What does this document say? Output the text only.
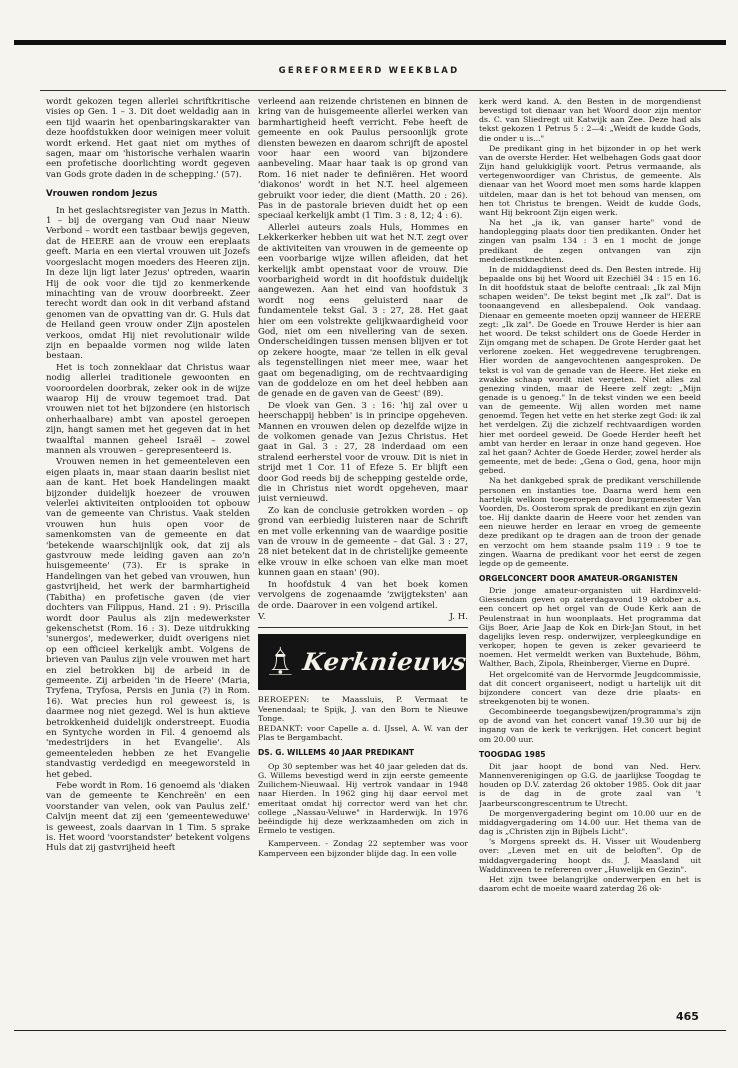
GEREFORMEERD WEEKBLAD

wordt gekozen tegen allerlei schriftkritische visies op Gen. 1 – 3. Dit doet weldadig aan in een tijd waarin het openbaringskarakter van deze hoofdstukken door weinigen meer voluit wordt erkend. Het gaat niet om mythes of sagen, maar om 'historische verhalen waarin een profetische doorlichting wordt gegeven van Gods grote daden in de schepping.' (57).

Vrouwen rondom Jezus

In het geslachtsregister van Jezus in Matth. 1 – bij de overgang van Oud naar Nieuw Verbond – wordt een tastbaar bewijs gegeven, dat de HEERE aan de vrouw een ereplaats geeft. Maria en een viertal vrouwen uit Jozefs voorgeslacht mogen moeders des Heeren zijn. In deze lijn ligt later Jezus' optreden, waarin Hij de ook voor die tijd zo kenmerkende minachting van de vrouw doorbreekt. Zeer terecht wordt dan ook in dit verband afstand genomen van de opvatting van dr. G. Huls dat de Heiland geen vrouw onder Zijn apostelen verkoos, omdat Hij niet revolutionair wilde zijn en bepaalde vormen nog wilde laten bestaan.

Het is toch zonneklaar dat Christus waar nodig allerlei traditionele gewoonten en vooroordelen doorbrak, zeker ook in de wijze waarop Hij de vrouw tegemoet trad. Dat vrouwen niet tot het bijzondere (en historisch onherhaalbare) ambt van apostel geroepen zijn, hangt samen met het gegeven dat in het twaalftal mannen geheel Israël – zowel mannen als vrouwen – gerepresenteerd is.

Vrouwen nemen in het gemeenteleven een eigen plaats in, maar staan daarin beslist niet aan de kant. Het boek Handelingen maakt bijzonder duidelijk hoezeer de vrouwen velerlei aktiviteiten ontplooiden tot opbouw van de gemeente van Christus. Vaak stelden vrouwen hun huis open voor de samenkomsten van de gemeente en dat 'betekende waarschijnlijk ook, dat zij als gastvrouw mede leiding gaven aan zo'n huisgemeente' (73). Er is sprake in Handelingen van het gebed van vrouwen, hun gastvrijheid, het werk der barmhartigheid (Tabitha) en profetische gaven (de vier dochters van Filippus, Hand. 21 : 9). Priscilla wordt door Paulus als zijn medewerkster gekenschetst (Rom. 16 : 3). Deze uitdrukking 'sunergos', medewerker, duidt overigens niet op een officieel kerkelijk ambt. Volgens de brieven van Paulus zijn vele vrouwen met hart en ziel betrokken bij de arbeid in de gemeente. Zij arbeiden 'in de Heere' (Maria, Tryfena, Tryfosa, Persis en Junia (?) in Rom. 16). Wat precies hun rol geweest is, is daarmee nog niet gezegd. Wel is hun aktieve betrokkenheid duidelijk onderstreept. Euodia en Syntyche worden in Fil. 4 genoemd als 'medestrijders in het Evangelie'. Als gemeenteleden hebben ze het Evangelie standvastig verdedigd en meegeworsteld in het gebed.

Febe wordt in Rom. 16 genoemd als 'diaken van de gemeente te Kenchreën' en een voorstander van velen, ook van Paulus zelf.' Calvijn meent dat zij een 'gemeenteweduwe' is geweest, zoals daarvan in 1 Tim. 5 sprake is. Het woord 'voorstandster' betekent volgens Huls dat zij gastvrijheid heeft

verleend aan reizende christenen en binnen de kring van de huisgemeente allerlei werken van barmhartigheid heeft verricht. Febe heeft de gemeente en ook Paulus persoonlijk grote diensten bewezen en daarom schrijft de apostel voor haar een woord van bijzondere aanbeveling. Maar haar taak is op grond van Rom. 16 niet nader te definiëren. Het woord 'diakonos' wordt in het N.T. heel algemeen gebruikt voor ieder, die dient (Matth. 20 : 26). Pas in de pastorale brieven duidt het op een speciaal kerkelijk ambt (1 Tim. 3 : 8, 12; 4 : 6).

Allerlei auteurs zoals Huls, Hommes en Lekkerkerker hebben uit wat het N.T. zegt over de aktiviteiten van vrouwen in de gemeente op een voorbarige wijze willen afleiden, dat het kerkelijk ambt openstaat voor de vrouw. Die voorbarigheid wordt in dit hoofdstuk duidelijk aangewezen. Aan het eind van hoofdstuk 3 wordt nog eens geluisterd naar de fundamentele tekst Gal. 3 : 27, 28. Het gaat hier om een volstrekte gelijkwaardigheid voor God, niet om een nivellering van de sexen. Onderscheidingen tussen mensen blijven er tot op zekere hoogte, maar 'ze tellen in elk geval als tegenstellingen niet meer mee, waar het gaat om begenadiging, om de rechtvaardiging van de goddeloze en om het deel hebben aan de genade en de gaven van de Geest' (89).

De vloek van Gen. 3 : 16: 'hij zal over u heerschappij hebben' is in principe opgeheven. Mannen en vrouwen delen op dezelfde wijze in de volkomen genade van Jezus Christus. Het gaat in Gal. 3 : 27, 28 inderdaad om een stralend eerherstel voor de vrouw. Dit is niet in strijd met 1 Cor. 11 of Efeze 5. Er blijft een door God reeds bij de schepping gestelde orde, die in Christus niet wordt opgeheven, maar juist vernieuwd.

Zo kan de conclusie getrokken worden – op grond van eerbiedig luisteren naar de Schrift en met volle erkenning van de waardige positie van de vrouw in de gemeente – dat Gal. 3 : 27, 28 niet betekent dat in de christelijke gemeente elke vrouw in elke schoen van elke man moet kunnen gaan en staan' (90).

In hoofdstuk 4 van het boek komen vervolgens de zogenaamde 'zwijgteksten' aan de orde. Daarover in een volgend artikel.

V.	J. H.
Kerknieuws

BEROEPEN: te Maassluis, P. Vermaat te Veenendaal; te Spijk, J. van den Born te Nieuwe Tonge.

BEDANKT: voor Capelle a. d. IJssel, A. W. van der Plas te Bergambacht.

DS. G. WILLEMS 40 JAAR PREDIKANT

Op 30 september was het 40 jaar geleden dat ds. G. Willems bevestigd werd in zijn eerste gemeente Zuilichem-Nieuwaal. Hij vertrok vandaar in 1948 naar Hierden. In 1962 ging hij daar eervol met emeritaat omdat hij corrector werd van het chr. college „Nassau-Veluwe" in Harderwijk. In 1976 beëindigde hij deze werkzaamheden om zich in Ermelo te vestigen.

Kamperveen. - Zondag 22 september was voor Kamperveen een bijzonder blijde dag. In een volle

kerk werd kand. A. den Besten in de morgendienst bevestigd tot dienaar van het Woord door zijn mentor ds. C. van Sliedregt uit Katwijk aan Zee. Deze had als tekst gekozen 1 Petrus 5 : 2—4: „Weidt de kudde Gods, die onder u is..."

De predikant ging in het bijzonder in op het werk van de overste Herder. Het welbehagen Gods gaat door Zijn hand gelukkiglijk voort. Petrus vermaande, als vertegenwoordiger van Christus, de gemeente. Als dienaar van het Woord moet men soms harde klappen uitdelen, maar dan is het tot behoud van mensen, om hen tot Christus te brengen. Weidt de kudde Gods, want Hij bekroont Zijn eigen werk.

Na het „ja ik, van ganser harte" vond de handoplegging plaats door tien predikanten. Onder het zingen van psalm 134 : 3 en 1 mocht de jonge predikant de zegen ontvangen van zijn mededienstknechten.

In de middagdienst deed ds. Den Besten intrede. Hij bepaalde ons bij het Woord uit Ezechiël 34 : 15 en 16. In dit hoofdstuk staat de belofte centraal: „Ik zal Mijn schapen weiden". De tekst begint met „Ik zal". Dat is toonaangevend en allesbepalend. Ook vandaag. Dienaar en gemeente moeten opzij wanneer de HEERE zegt: „Ik zal". De Goede en Trouwe Herder is hier aan het woord. De tekst schildert ons de Goede Herder in Zijn omgang met de schapen. De Grote Herder gaat het verlorene zoeken. Het weggedrevene terugbrengen. Hier worden de aangevochtenen aangesproken. De tekst is vol van de genade van de Heere. Het zieke en zwakke schaap wordt niet vergeten. Niet alles zal genezing vinden, maar de Heere zelf zegt: „Mijn genade is u genoeg." In de tekst vinden we een beeld van de gemeente. Wij allen worden met name genoemd. Tegen het vette en het sterke zegt God: ik zal het verdelgen. Zij die zichzelf rechtvaardigen worden hier met oordeel geweid. De Goede Herder heeft het ambt van herder en leraar in onze hand gegeven. Hoe zal het gaan? Achter de Goede Herder, zowel herder als gemeente, met de bede: „Gena o God, gena, hoor mijn gebed.

Na het dankgebed sprak de predikant verschillende personen en instanties toe. Daarna werd hem een hartelijk welkom toegeroepen door burgemeester Van Voorden, Ds. Oosterom sprak de predikant en zijn gezin toe. Hij dankte daarin de Heere voor het zenden van een nieuwe herder en leraar en vroeg de gemeente deze predikant op te dragen aan de troon der genade en verzocht om hem staande psalm 119 : 9 toe te zingen. Waarna de predikant voor het eerst de zegen legde op de gemeente.

ORGELCONCERT DOOR AMATEUR-ORGANISTEN

Drie jonge amateur-organisten uit Hardinxveld-Giessendam geven op zaterdagavond 19 oktober a.s. een concert op het orgel van de Oude Kerk aan de Peulenstraat in hun woonplaats. Het programma dat Gijs Boer, Arie Jaap de Kok en Dirk-Jan Stout, in het dagelijks leven resp. onderwijzer, verpleegkundige en verkoper, hopen te geven is zeker gevarieerd te noemen. Het vermeldt werken van Buxtehude, Böhm, Walther, Bach, Zipola, Rheinberger, Vierne en Dupré.

Het orgelcomité van de Hervormde Jeugdcommissie, dat dit concert organiseert, nodigt u hartelijk uit dit bijzondere concert van deze drie plaats- en streekgenoten bij te wonen.

Gecombineerde toegangsbewijzen/programma's zijn op de avond van het concert vanaf 19.30 uur bij de ingang van de kerk te verkrijgen. Het concert begint om 20.00 uur.

TOOGDAG 1985

Dit jaar hoopt de bond van Ned. Herv. Mannenverenigingen op G.G. de jaarlijkse Toogdag te houden op D.V. zaterdag 26 oktober 1985. Ook dit jaar is de dag in de grote zaal van 't Jaarbeurscongrescentrum te Utrecht.

De morgenvergadering begint om 10.00 uur en de middagvergadering om 14.00 uur. Het thema van de dag is „Christen zijn in Bijbels Licht".

's Morgens spreekt ds. H. Visser uit Woudenberg over: „Leven met en uit de beloften". Op de middagvergadering hoopt ds. J. Maasland uit Waddinxveen te refereren over „Huwelijk en Gezin".

Het zijn twee belangrijke onderwerpen en het is daarom echt de moeite waard zaterdag 26 ok-

465
